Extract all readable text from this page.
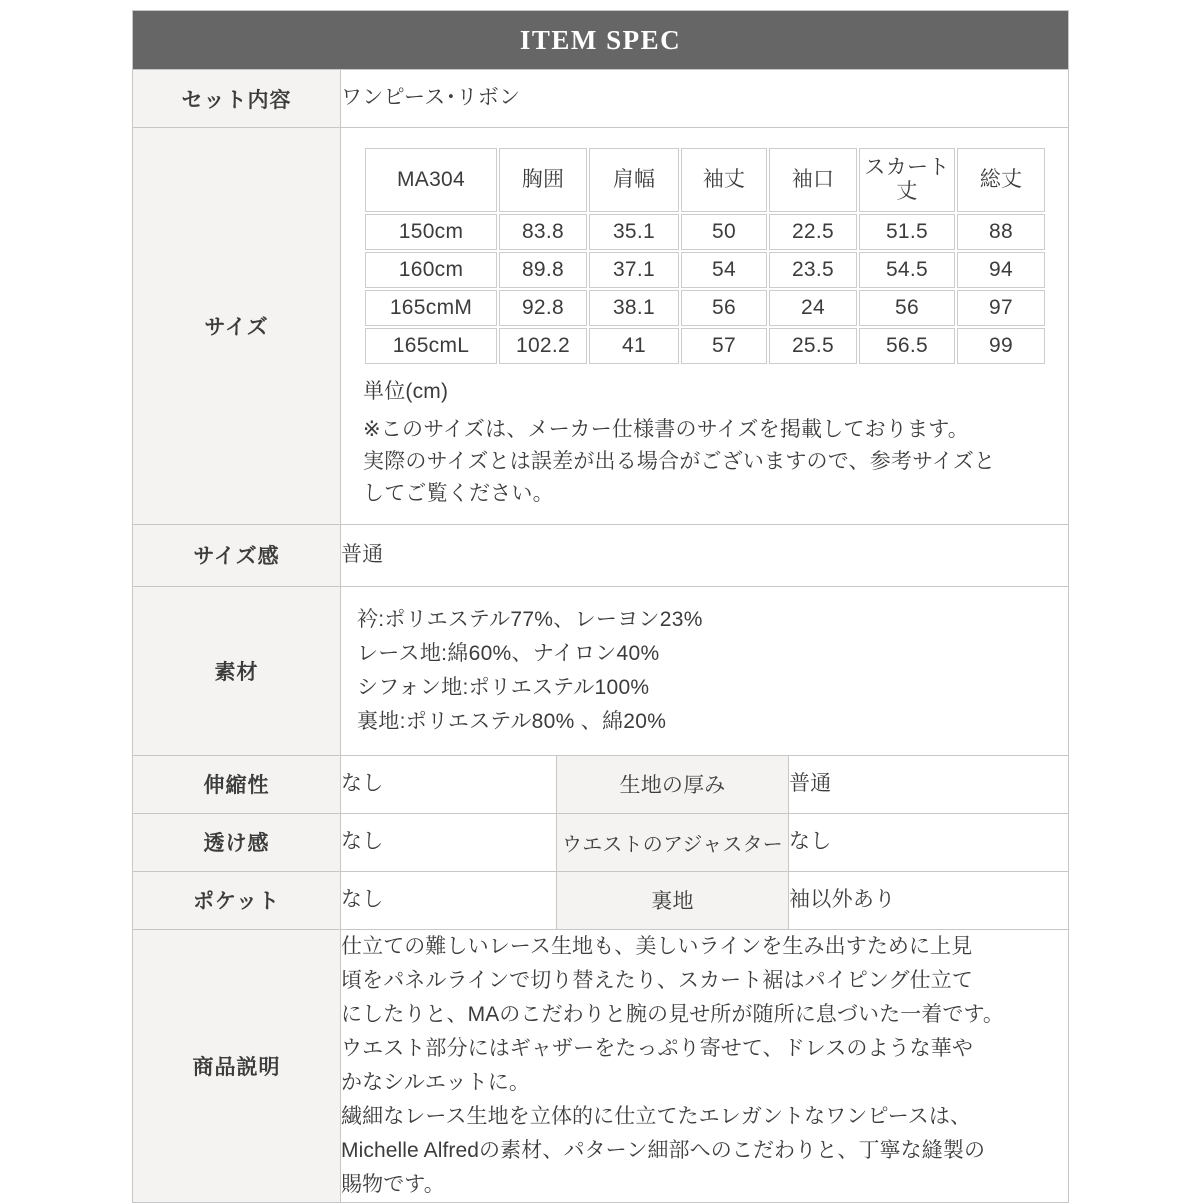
ITEM SPEC
セット内容	ワンピース･リボン
サイズ	
MA304	胸囲	肩幅	袖丈	袖口	スカート丈	総丈
150cm	83.8	35.1	50	22.5	51.5	88
160cm	89.8	37.1	54	23.5	54.5	94
165cmM	92.8	38.1	56	24	56	97
165cmL	102.2	41	57	25.5	56.5	99
単位(cm)
※このサイズは、メーカー仕様書のサイズを掲載しております。
実際のサイズとは誤差が出る場合がございますので、参考サイズと
してご覧ください。

サイズ感	普通
素材	
衿:ポリエステル77%、レーヨン23%
レース地:綿60%、ナイロン40%
シフォン地:ポリエステル100%
裏地:ポリエステル80% 、綿20%

伸縮性	なし	生地の厚み	普通
透け感	なし	ウエストのアジャスター	なし
ポケット	なし	裏地	袖以外あり
商品説明	
仕立ての難しいレース生地も、美しいラインを生み出すために上見
頃をパネルラインで切り替えたり、スカート裾はパイピング仕立て
にしたりと、MAのこだわりと腕の見せ所が随所に息づいた一着です。
ウエスト部分にはギャザーをたっぷり寄せて、ドレスのような華や
かなシルエットに。
繊細なレース生地を立体的に仕立てたエレガントなワンピースは、
Michelle Alfredの素材、パターン細部へのこだわりと、丁寧な縫製の
賜物です。
